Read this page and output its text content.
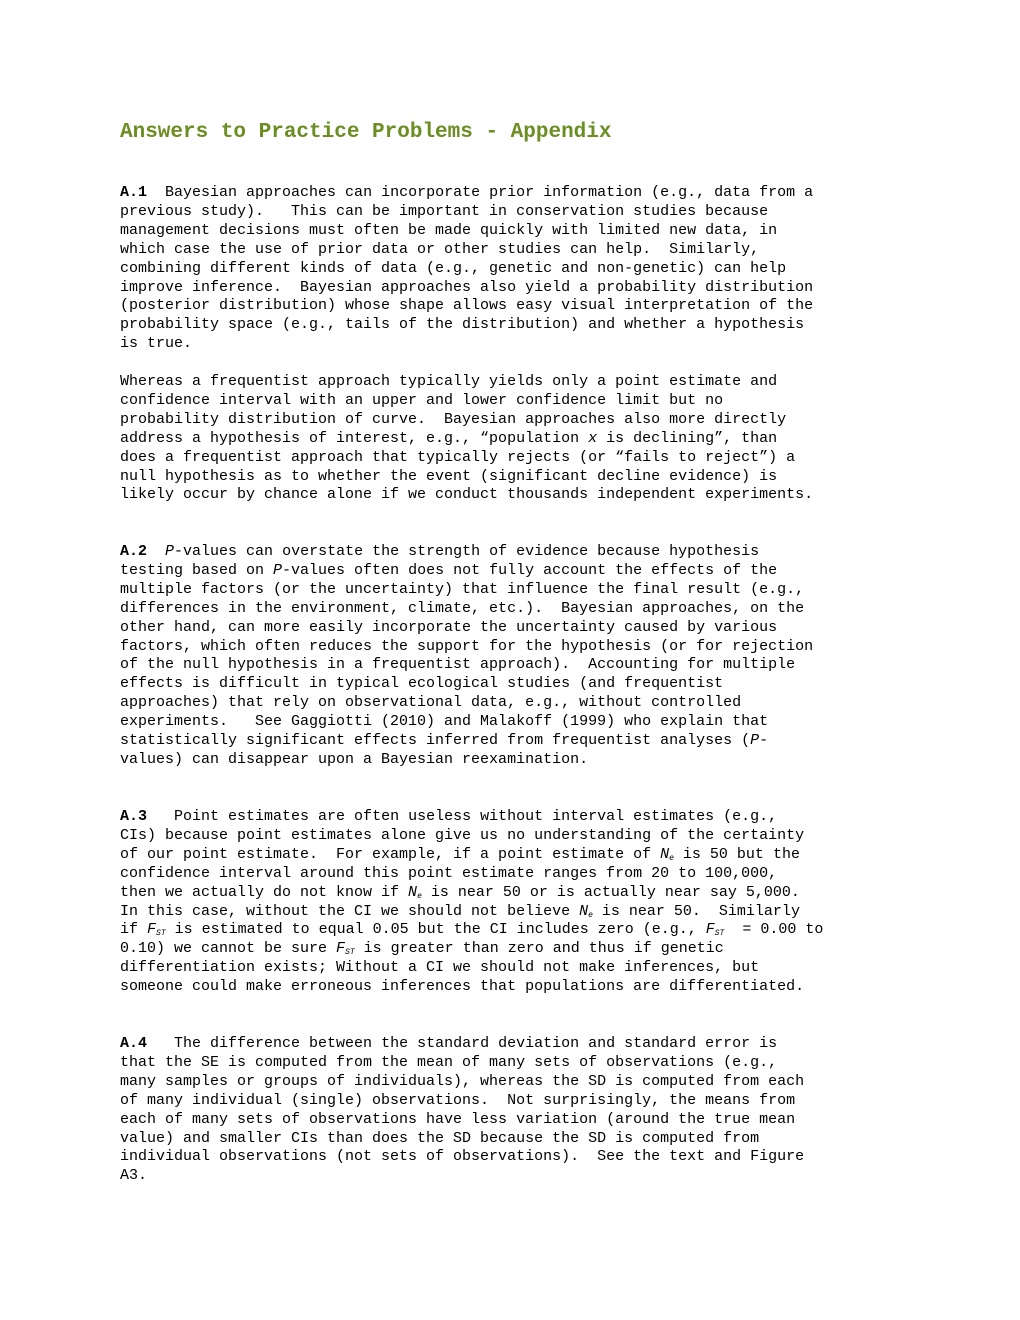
Answers to Practice Problems - Appendix
A.1 Bayesian approaches can incorporate prior information (e.g., data from a
previous study).   This can be important in conservation studies because
management decisions must often be made quickly with limited new data, in
which case the use of prior data or other studies can help.  Similarly,
combining different kinds of data (e.g., genetic and non-genetic) can help
improve inference.  Bayesian approaches also yield a probability distribution
(posterior distribution) whose shape allows easy visual interpretation of the
probability space (e.g., tails of the distribution) and whether a hypothesis
is true.
Whereas a frequentist approach typically yields only a point estimate and
confidence interval with an upper and lower confidence limit but no
probability distribution of curve.  Bayesian approaches also more directly
address a hypothesis of interest, e.g., “population x is declining”, than
does a frequentist approach that typically rejects (or “fails to reject”) a
null hypothesis as to whether the event (significant decline evidence) is
likely occur by chance alone if we conduct thousands independent experiments.
A.2 P-values can overstate the strength of evidence because hypothesis
testing based on P-values often does not fully account the effects of the
multiple factors (or the uncertainty) that influence the final result (e.g.,
differences in the environment, climate, etc.).  Bayesian approaches, on the
other hand, can more easily incorporate the uncertainty caused by various
factors, which often reduces the support for the hypothesis (or for rejection
of the null hypothesis in a frequentist approach).  Accounting for multiple
effects is difficult in typical ecological studies (and frequentist
approaches) that rely on observational data, e.g., without controlled
experiments.   See Gaggiotti (2010) and Malakoff (1999) who explain that
statistically significant effects inferred from frequentist analyses (P-
values) can disappear upon a Bayesian reexamination.
A.3 Point estimates are often useless without interval estimates (e.g.,
CIs) because point estimates alone give us no understanding of the certainty
of our point estimate.  For example, if a point estimate of $N_e$ is 50 but the
confidence interval around this point estimate ranges from 20 to 100,000,
then we actually do not know if $N_e$ is near 50 or is actually near say 5,000.
In this case, without the CI we should not believe $N_e$ is near 50.  Similarly
if $F_{ST}$ is estimated to equal 0.05 but the CI includes zero (e.g., $F_{ST} = 0.00$ to
0.10) we cannot be sure $F_{ST}$ is greater than zero and thus if genetic
differentiation exists; Without a CI we should not make inferences, but
someone could make erroneous inferences that populations are differentiated.
A.4 The difference between the standard deviation and standard error is
that the SE is computed from the mean of many sets of observations (e.g.,
many samples or groups of individuals), whereas the SD is computed from each
of many individual (single) observations.  Not surprisingly, the means from
each of many sets of observations have less variation (around the true mean
value) and smaller CIs than does the SD because the SD is computed from
individual observations (not sets of observations).  See the text and Figure
A3.
